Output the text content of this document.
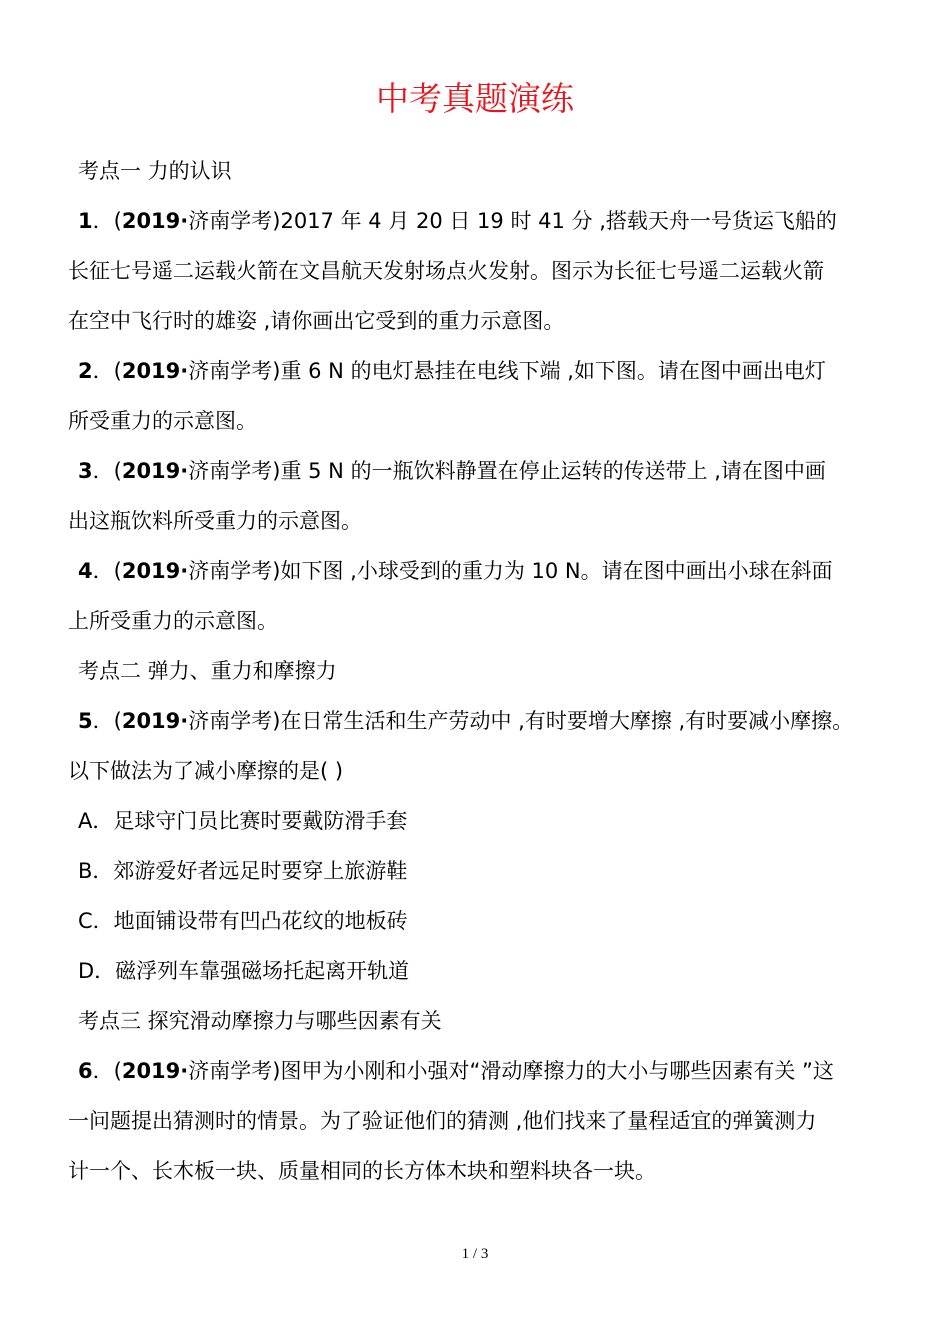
中考真题演练
考点一 力的认识
1．(2019·济南学考)2017 年 4 月 20 日 19 时 41 分 ,搭载天舟一号货运飞船的
长征七号遥二运载火箭在文昌航天发射场点火发射。图示为长征七号遥二运载火箭
在空中飞行时的雄姿 ,请你画出它受到的重力示意图。
2．(2019·济南学考)重 6 N 的电灯悬挂在电线下端 ,如下图。请在图中画出电灯
所受重力的示意图。
3．(2019·济南学考)重 5 N 的一瓶饮料静置在停止运转的传送带上 ,请在图中画
出这瓶饮料所受重力的示意图。
4．(2019·济南学考)如下图 ,小球受到的重力为 10 N。请在图中画出小球在斜面
上所受重力的示意图。
考点二 弹力、重力和摩擦力
5．(2019·济南学考)在日常生活和生产劳动中 ,有时要增大摩擦 ,有时要减小摩擦。
以下做法为了减小摩擦的是( )
A．足球守门员比赛时要戴防滑手套
B．郊游爱好者远足时要穿上旅游鞋
C．地面铺设带有凹凸花纹的地板砖
D．磁浮列车靠强磁场托起离开轨道
考点三 探究滑动摩擦力与哪些因素有关
6．(2019·济南学考)图甲为小刚和小强对“滑动摩擦力的大小与哪些因素有关 ”这
一问题提出猜测时的情景。为了验证他们的猜测 ,他们找来了量程适宜的弹簧测力
计一个、长木板一块、质量相同的长方体木块和塑料块各一块。
1 / 3
